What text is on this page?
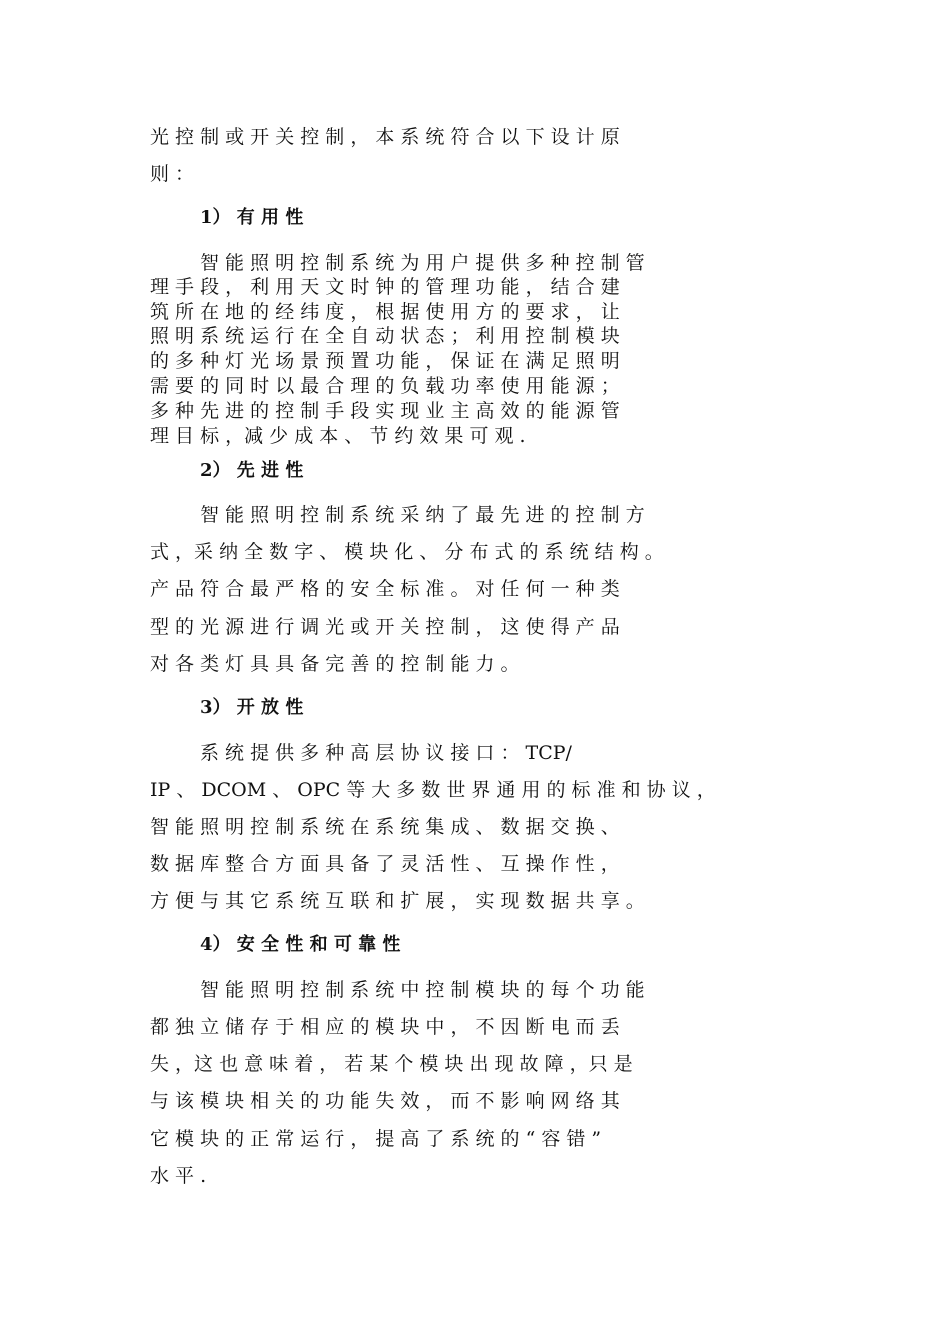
光 控 制 或 开 关 控 制 ， 本 系 统 符 合 以 下 设 计 原
则 ：
1） 有 用 性
智 能 照 明 控 制 系 统 为 用 户 提 供 多 种 控 制 管
理 手 段 ， 利 用 天 文 时 钟 的 管 理 功 能 ， 结 合 建
筑 所 在 地 的 经 纬 度 ， 根 据 使 用 方 的 要 求 ， 让
照 明 系 统 运 行 在 全 自 动 状 态 ； 利 用 控 制 模 块
的 多 种 灯 光 场 景 预 置 功 能 ， 保 证 在 满 足 照 明
需 要 的 同 时 以 最 合 理 的 负 载 功 率 使 用 能 源 ；
多 种 先 进 的 控 制 手 段 实 现 业 主 高 效 的 能 源 管
理 目 标 ，减 少 成 本 、 节 约 效 果 可 观 .
2） 先 进 性
智 能 照 明 控 制 系 统 采 纳 了 最 先 进 的 控 制 方
式 ，采 纳 全 数 字 、 模 块 化 、 分 布 式 的 系 统 结 构 。
产 品 符 合 最 严 格 的 安 全 标 准 。 对 任 何 一 种 类
型 的 光 源 进 行 调 光 或 开 关 控 制 ， 这 使 得 产 品
对 各 类 灯 具 具 备 完 善 的 控 制 能 力 。
3） 开 放 性
系 统 提 供 多 种 高 层 协 议 接 口 ： TCP/
IP 、 DCOM 、 OPC 等 大 多 数 世 界 通 用 的 标 准 和 协 议 ，
智 能 照 明 控 制 系 统 在 系 统 集 成 、 数 据 交 换 、
数 据 库 整 合 方 面 具 备 了 灵 活 性 、 互 操 作 性 ，
方 便 与 其 它 系 统 互 联 和 扩 展 ， 实 现 数 据 共 享 。
4） 安 全 性 和 可 靠 性
智 能 照 明 控 制 系 统 中 控 制 模 块 的 每 个 功 能
都 独 立 储 存 于 相 应 的 模 块 中 ， 不 因 断 电 而 丢
失 ，这 也 意 味 着 ， 若 某 个 模 块 出 现 故 障 ，只 是
与 该 模 块 相 关 的 功 能 失 效 ， 而 不 影 响 网 络 其
它 模 块 的 正 常 运 行 ， 提 高 了 系 统 的 “ 容 错 ”
水 平 .
